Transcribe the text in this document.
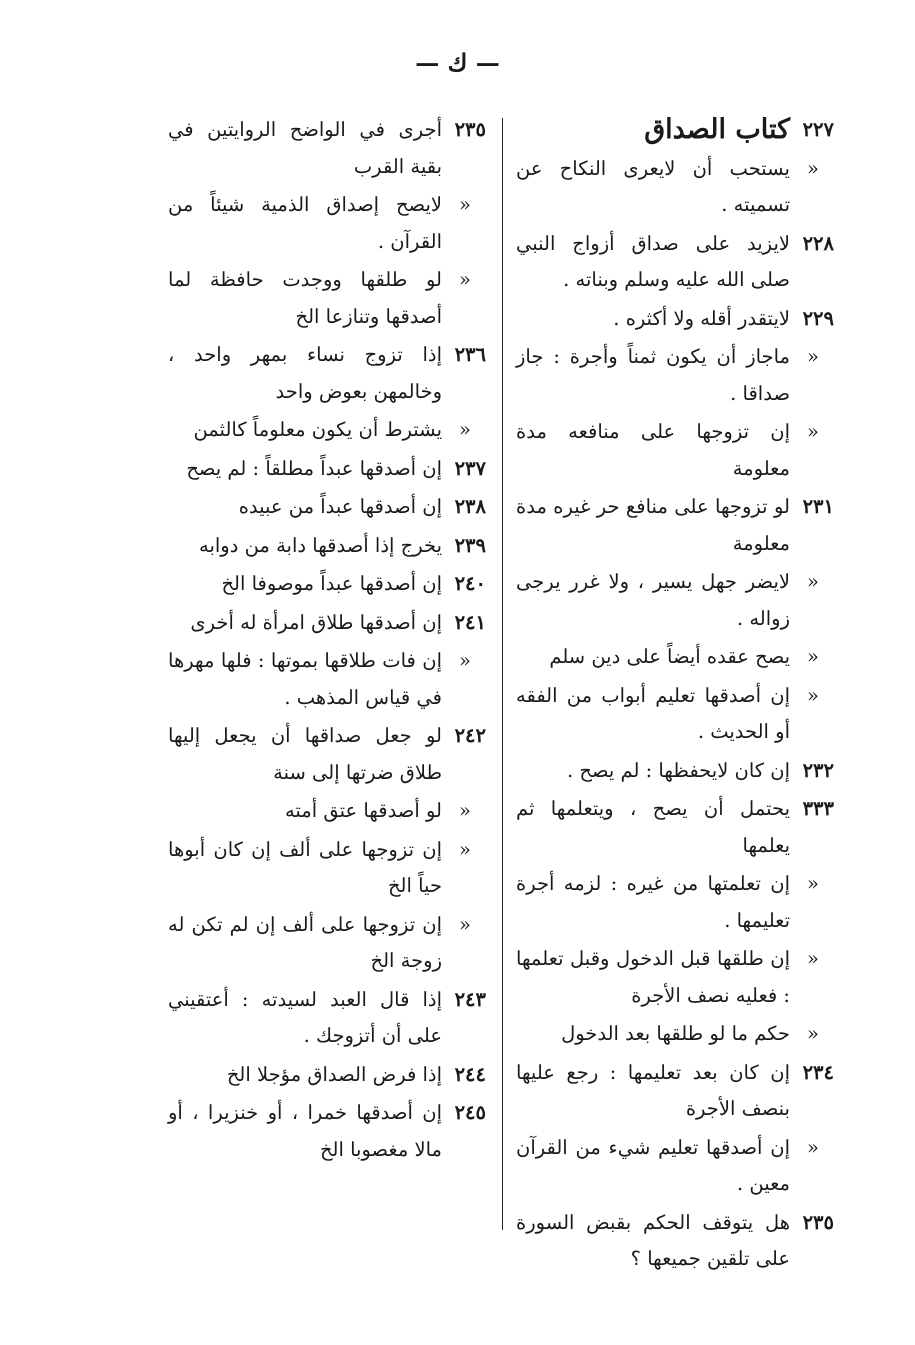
— ك —
٢٢٧
كتاب الصداق
«
يستحب أن لايعرى النكاح عن تسميته .
٢٢٨
لايزيد على صداق أزواج النبي صلى الله عليه وسلم وبناته .
٢٢٩
لايتقدر أقله ولا أكثره .
«
ماجاز أن يكون ثمناً وأجرة : جاز صداقا .
«
إن تزوجها على منافعه مدة معلومة
٢٣١
لو تزوجها على منافع حر غيره مدة معلومة
«
لايضر جهل يسير ، ولا غرر يرجى زواله .
«
يصح عقده أيضاً على دين سلم
«
إن أصدقها تعليم أبواب من الفقه أو الحديث .
٢٣٢
إن كان لايحفظها : لم يصح .
٣٣٣
يحتمل أن يصح ، ويتعلمها ثم يعلمها
«
إن تعلمتها من غيره : لزمه أجرة تعليمها .
«
إن طلقها قبل الدخول وقبل تعلمها : فعليه نصف الأجرة
«
حكم ما لو طلقها بعد الدخول
٢٣٤
إن كان بعد تعليمها : رجع عليها بنصف الأجرة
«
إن أصدقها تعليم شيء من القرآن معين .
٢٣٥
هل يتوقف الحكم بقبض السورة على تلقين جميعها ؟
٢٣٥
أجرى في الواضح الروايتين في بقية القرب
«
لايصح إصداق الذمية شيئاً من القرآن .
«
لو طلقها ووجدت حافظة لما أصدقها وتنازعا الخ
٢٣٦
إذا تزوج نساء بمهر واحد ، وخالمهن بعوض واحد
«
يشترط أن يكون معلوماً كالثمن
٢٣٧
إن أصدقها عبداً مطلقاً : لم يصح
٢٣٨
إن أصدقها عبداً من عبيده
٢٣٩
يخرج إذا أصدقها دابة من دوابه
٢٤٠
إن أصدقها عبداً موصوفا الخ
٢٤١
إن أصدقها طلاق امرأة له أخرى
«
إن فات طلاقها بموتها : فلها مهرها في قياس المذهب .
٢٤٢
لو جعل صداقها أن يجعل إليها طلاق ضرتها إلى سنة
«
لو أصدقها عتق أمته
«
إن تزوجها على ألف إن كان أبوها حياً الخ
«
إن تزوجها على ألف إن لم تكن له زوجة الخ
٢٤٣
إذا قال العبد لسيدته : أعتقيني على أن أتزوجك .
٢٤٤
إذا فرض الصداق مؤجلا الخ
٢٤٥
إن أصدقها خمرا ، أو خنزيرا ، أو مالا مغصوبا الخ
